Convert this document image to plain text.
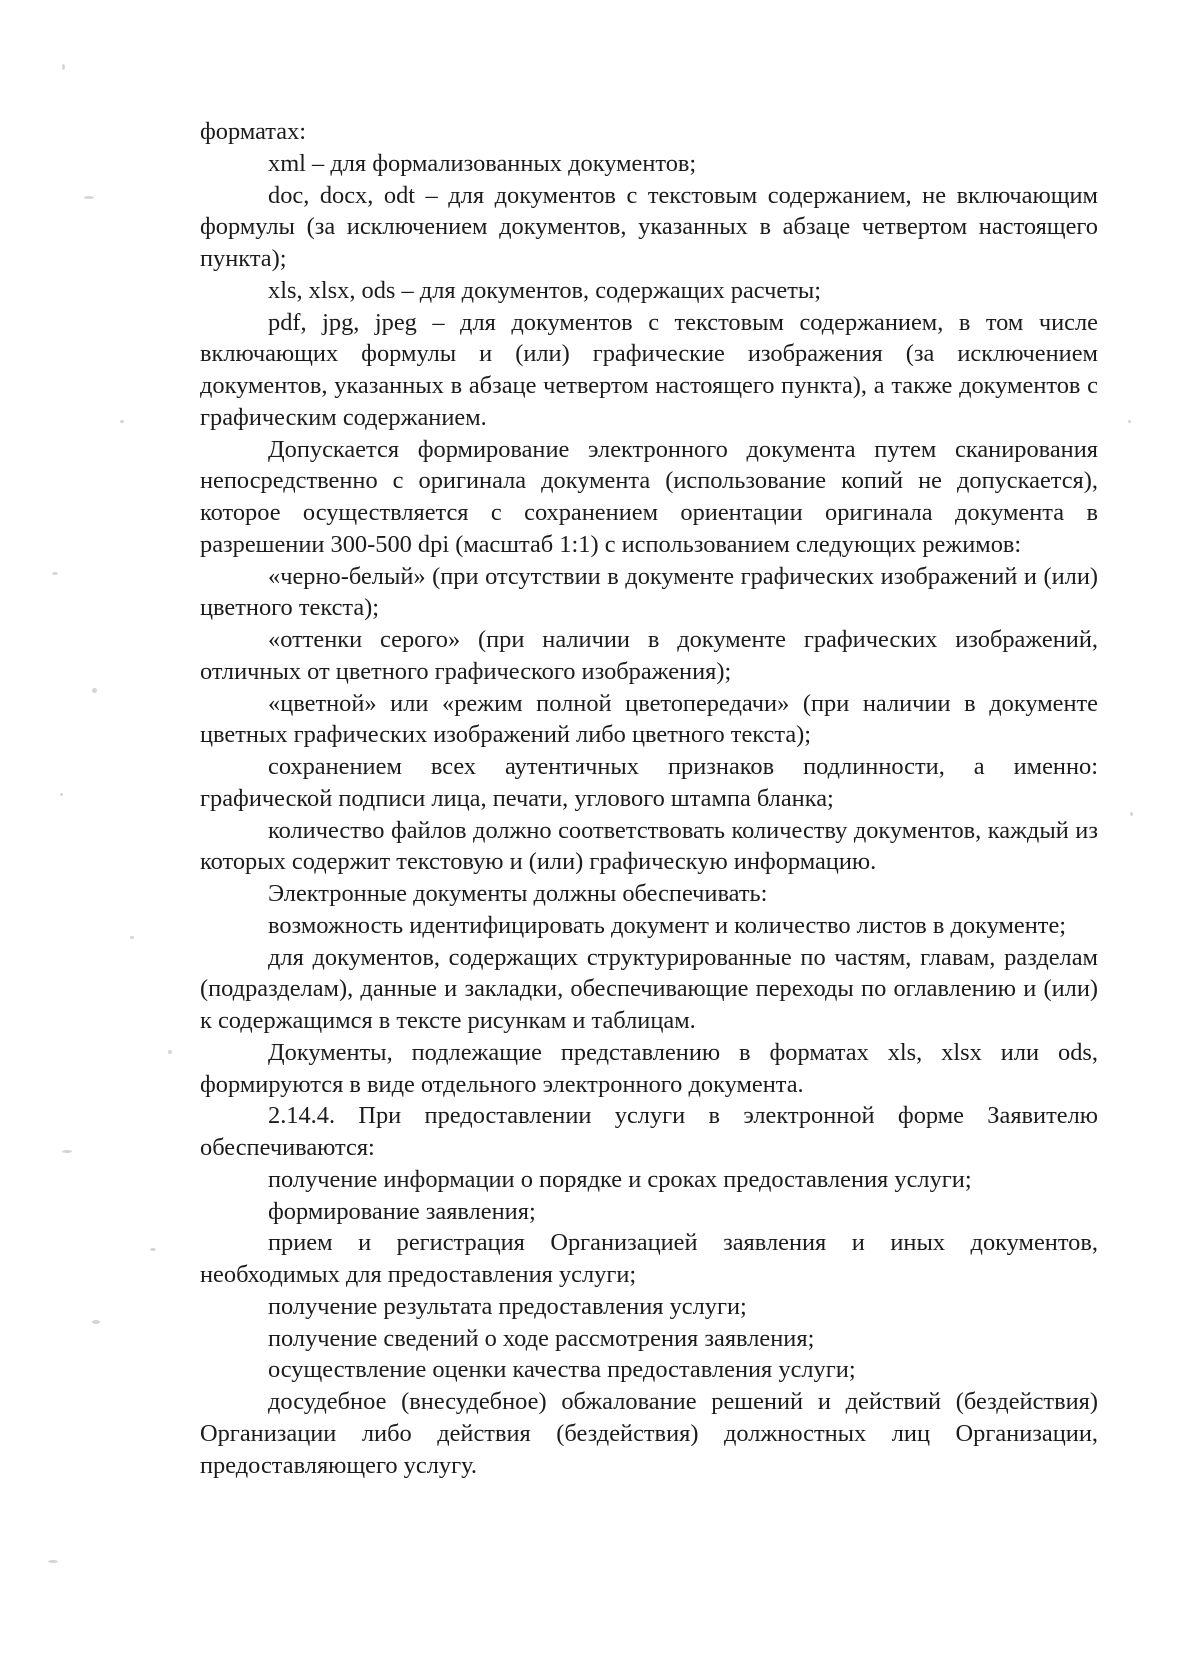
форматах:

xml – для формализованных документов;

doc, docx, odt – для документов с текстовым содержанием, не включающим формулы (за исключением документов, указанных в абзаце четвертом настоящего пункта);

xls, xlsx, ods – для документов, содержащих расчеты;

pdf, jpg, jpeg – для документов с текстовым содержанием, в том числе включающих формулы и (или) графические изображения (за исключением документов, указанных в абзаце четвертом настоящего пункта), а также документов с графическим содержанием.

Допускается формирование электронного документа путем сканирования непосредственно с оригинала документа (использование копий не допускается), которое осуществляется с сохранением ориентации оригинала документа в разрешении 300-500 dpi (масштаб 1:1) с использованием следующих режимов:

«черно-белый» (при отсутствии в документе графических изображений и (или) цветного текста);

«оттенки серого» (при наличии в документе графических изображений, отличных от цветного графического изображения);

«цветной» или «режим полной цветопередачи» (при наличии в документе цветных графических изображений либо цветного текста);

сохранением всех аутентичных признаков подлинности, а именно: графической подписи лица, печати, углового штампа бланка;

количество файлов должно соответствовать количеству документов, каждый из которых содержит текстовую и (или) графическую информацию.

Электронные документы должны обеспечивать:

возможность идентифицировать документ и количество листов в документе;

для документов, содержащих структурированные по частям, главам, разделам (подразделам), данные и закладки, обеспечивающие переходы по оглавлению и (или) к содержащимся в тексте рисункам и таблицам.

Документы, подлежащие представлению в форматах xls, xlsx или ods, формируются в виде отдельного электронного документа.

2.14.4. При предоставлении услуги в электронной форме Заявителю обеспечиваются:

получение информации о порядке и сроках предоставления услуги;

формирование заявления;

прием и регистрация Организацией заявления и иных документов, необходимых для предоставления услуги;

получение результата предоставления услуги;

получение сведений о ходе рассмотрения заявления;

осуществление оценки качества предоставления услуги;

досудебное (внесудебное) обжалование решений и действий (бездействия) Организации либо действия (бездействия) должностных лиц Организации, предоставляющего услугу.
